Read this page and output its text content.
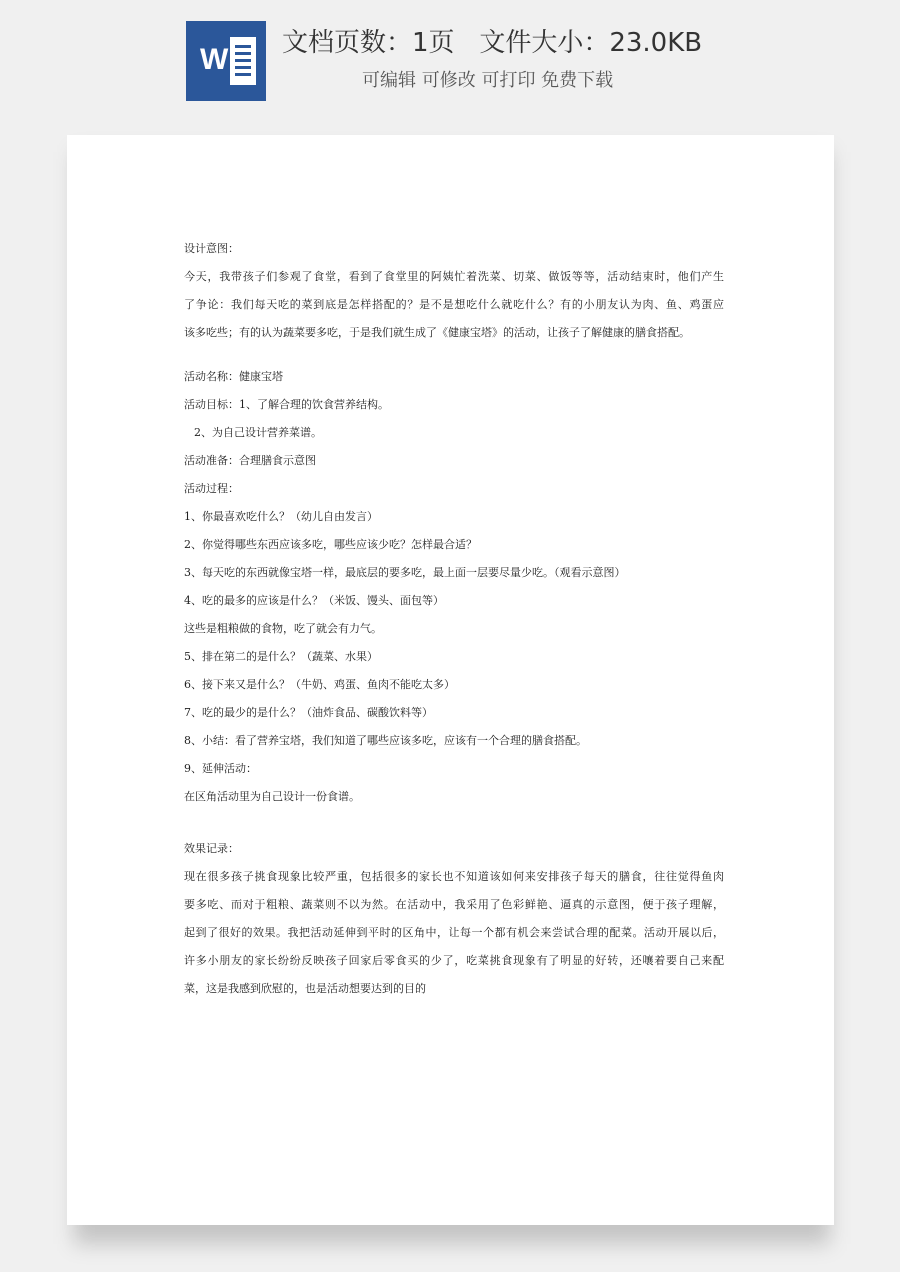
W 文档页数：1页   文件大小：23.0KB
可编辑 可修改 可打印 免费下载
设计意图：
今天，我带孩子们参观了食堂，看到了食堂里的阿姨忙着洗菜、切菜、做饭等等，活动结束时，他们产生
了争论：我们每天吃的菜到底是怎样搭配的？是不是想吃什么就吃什么？有的小朋友认为肉、鱼、鸡蛋应
该多吃些；有的认为蔬菜要多吃，于是我们就生成了《健康宝塔》的活动，让孩子了解健康的膳食搭配。
活动名称：健康宝塔
活动目标：1、了解合理的饮食营养结构。
2、为自己设计营养菜谱。
活动准备：合理膳食示意图
活动过程：
1、你最喜欢吃什么？（幼儿自由发言）
2、你觉得哪些东西应该多吃，哪些应该少吃？怎样最合适？
3、每天吃的东西就像宝塔一样，最底层的要多吃，最上面一层要尽量少吃。（观看示意图）
4、吃的最多的应该是什么？（米饭、馒头、面包等）
这些是粗粮做的食物，吃了就会有力气。
5、排在第二的是什么？（蔬菜、水果）
6、接下来又是什么？（牛奶、鸡蛋、鱼肉不能吃太多）
7、吃的最少的是什么？（油炸食品、碳酸饮料等）
8、小结：看了营养宝塔，我们知道了哪些应该多吃，应该有一个合理的膳食搭配。
9、延伸活动：
在区角活动里为自己设计一份食谱。
效果记录：
现在很多孩子挑食现象比较严重，包括很多的家长也不知道该如何来安排孩子每天的膳食，往往觉得鱼肉
要多吃、而对于粗粮、蔬菜则不以为然。在活动中，我采用了色彩鲜艳、逼真的示意图，便于孩子理解，
起到了很好的效果。我把活动延伸到平时的区角中，让每一个都有机会来尝试合理的配菜。活动开展以后，
许多小朋友的家长纷纷反映孩子回家后零食买的少了，吃菜挑食现象有了明显的好转，还嚷着要自己来配
菜，这是我感到欣慰的，也是活动想要达到的目的
